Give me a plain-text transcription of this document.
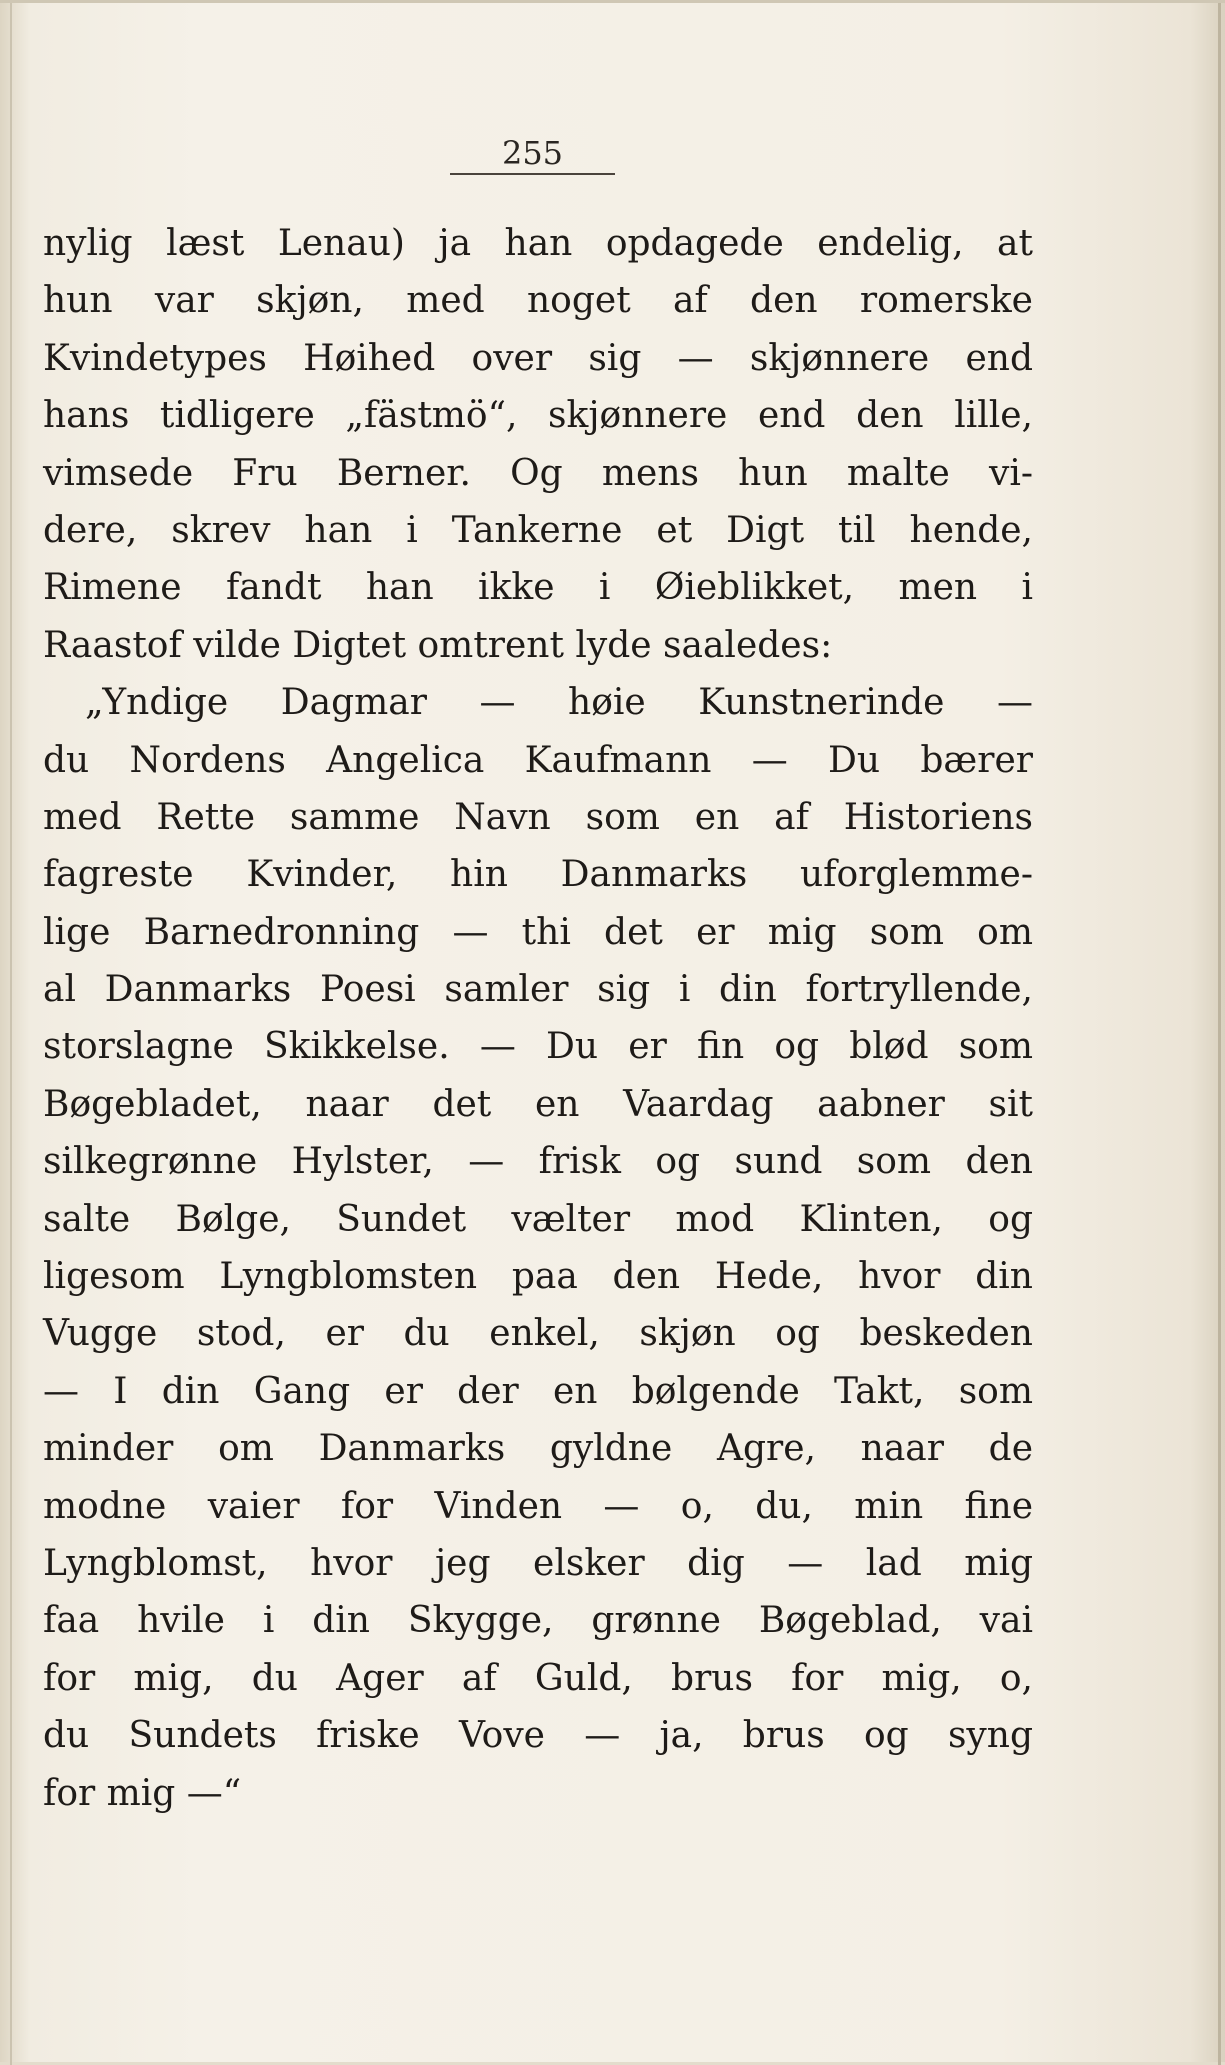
255
nylig læst Lenau) ja han opdagede endelig, at
hun var skjøn, med noget af den romerske
Kvindetypes Høihed over sig — skjønnere end
hans tidligere „fästmö“, skjønnere end den lille,
vimsede Fru Berner. Og mens hun malte vi-
dere, skrev han i Tankerne et Digt til hende,
Rimene fandt han ikke i Øieblikket, men i
Raastof vilde Digtet omtrent lyde saaledes:
„Yndige Dagmar — høie Kunstnerinde —
du Nordens Angelica Kaufmann — Du bærer
med Rette samme Navn som en af Historiens
fagreste Kvinder, hin Danmarks uforglemme-
lige Barnedronning — thi det er mig som om
al Danmarks Poesi samler sig i din fortryllende,
storslagne Skikkelse. — Du er fin og blød som
Bøgebladet, naar det en Vaardag aabner sit
silkegrønne Hylster, — frisk og sund som den
salte Bølge, Sundet vælter mod Klinten, og
ligesom Lyngblomsten paa den Hede, hvor din
Vugge stod, er du enkel, skjøn og beskeden
— I din Gang er der en bølgende Takt, som
minder om Danmarks gyldne Agre, naar de
modne vaier for Vinden — o, du, min fine
Lyngblomst, hvor jeg elsker dig — lad mig
faa hvile i din Skygge, grønne Bøgeblad, vai
for mig, du Ager af Guld, brus for mig, o,
du Sundets friske Vove — ja, brus og syng
for mig —“
